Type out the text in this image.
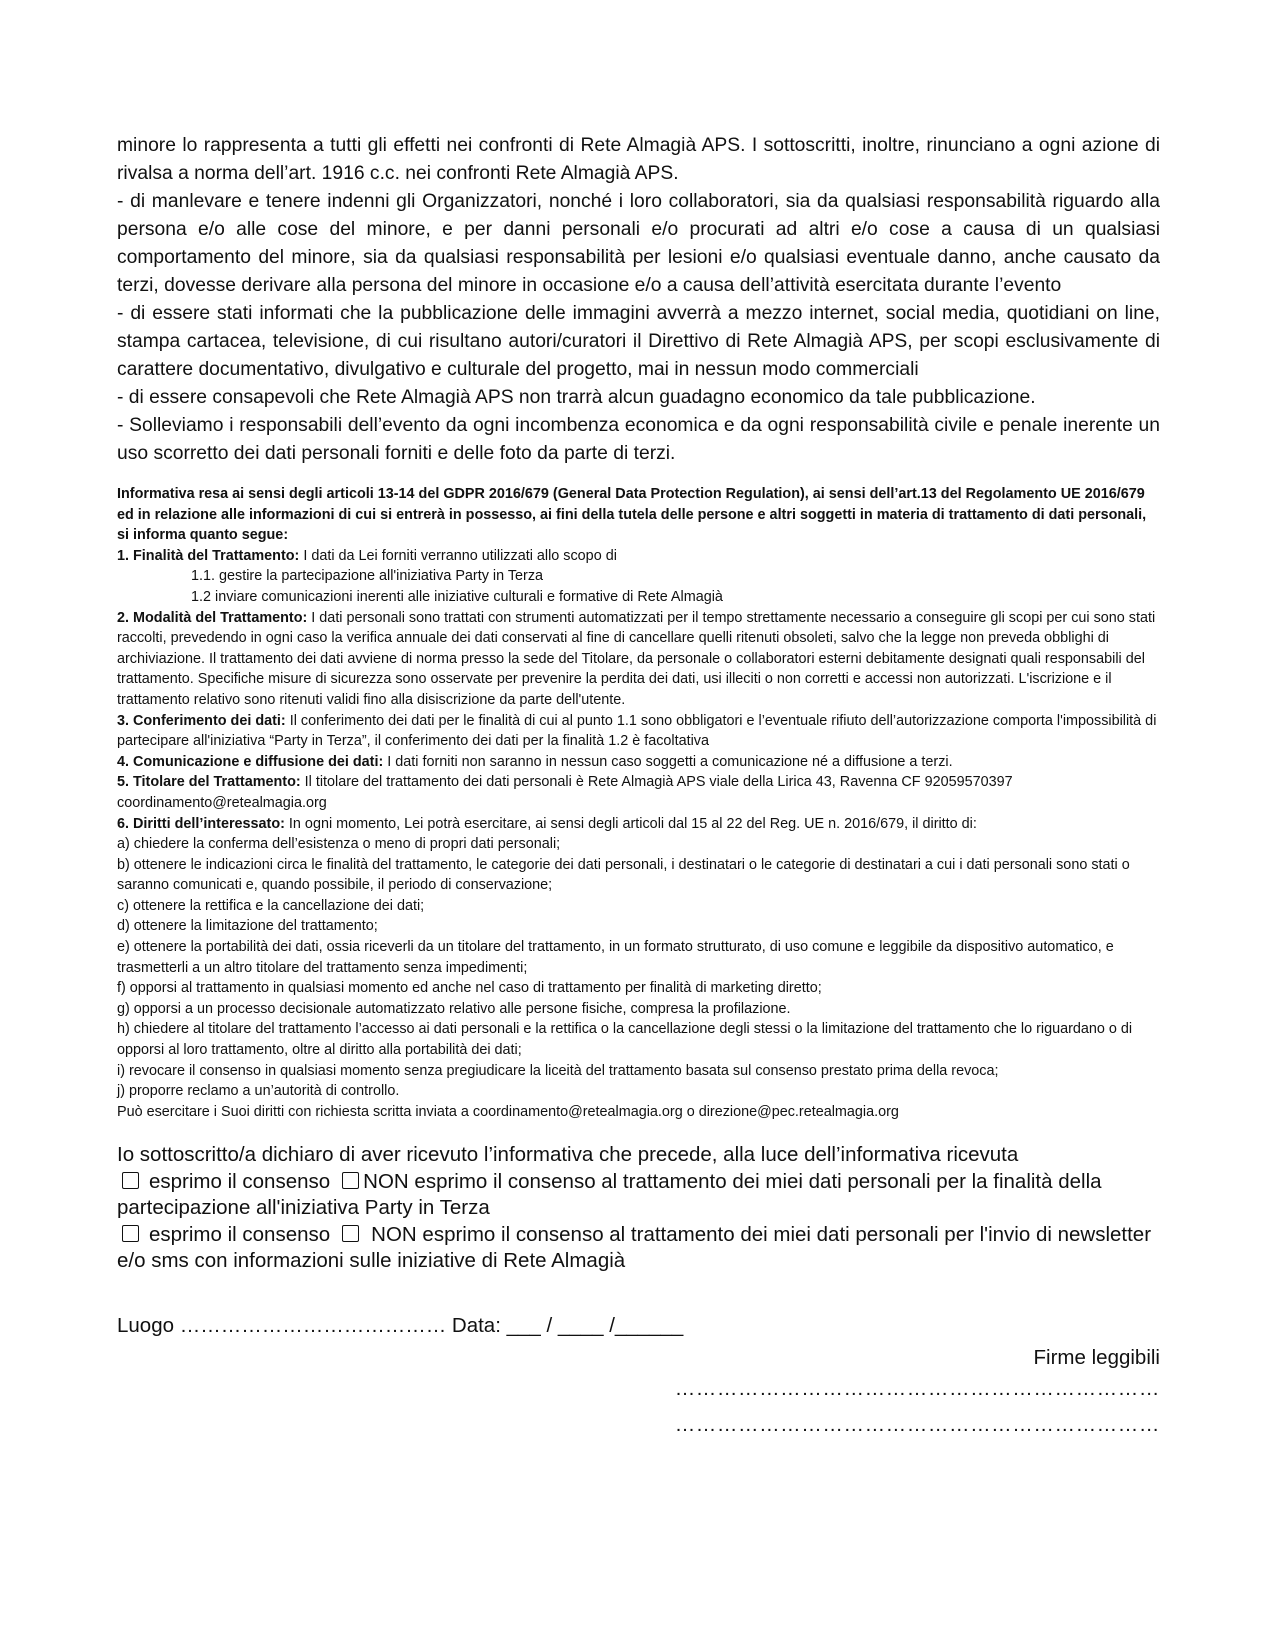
minore lo rappresenta a tutti gli effetti nei confronti di Rete Almagià APS. I sottoscritti, inoltre, rinunciano a ogni azione di rivalsa a norma dell’art. 1916 c.c. nei confronti Rete Almagià APS.

- di manlevare e tenere indenni gli Organizzatori, nonché i loro collaboratori, sia da qualsiasi responsabilità riguardo alla persona e/o alle cose del minore, e per danni personali e/o procurati ad altri e/o cose a causa di un qualsiasi comportamento del minore, sia da qualsiasi responsabilità per lesioni e/o qualsiasi eventuale danno, anche causato da terzi, dovesse derivare alla persona del minore in occasione e/o a causa dell’attività esercitata durante l’evento

- di essere stati informati che la pubblicazione delle immagini avverrà a mezzo internet, social media, quotidiani on line, stampa cartacea, televisione, di cui risultano autori/curatori il Direttivo di Rete Almagià APS, per scopi esclusivamente di carattere documentativo, divulgativo e culturale del progetto, mai in nessun modo commerciali

- di essere consapevoli che Rete Almagià APS non trarrà alcun guadagno economico da tale pubblicazione.

- Solleviamo i responsabili dell’evento da ogni incombenza economica e da ogni responsabilità civile e penale inerente un uso scorretto dei dati personali forniti e delle foto da parte di terzi.

Informativa resa ai sensi degli articoli 13-14 del GDPR 2016/679 (General Data Protection Regulation), ai sensi dell’art.13 del Regolamento UE 2016/679 ed in relazione alle informazioni di cui si entrerà in possesso, ai fini della tutela delle persone e altri soggetti in materia di trattamento di dati personali, si informa quanto segue:

1. Finalità del Trattamento: I dati da Lei forniti verranno utilizzati allo scopo di

1.1. gestire la partecipazione all'iniziativa Party in Terza

1.2 inviare comunicazioni inerenti alle iniziative culturali e formative di Rete Almagià

2. Modalità del Trattamento: I dati personali sono trattati con strumenti automatizzati per il tempo strettamente necessario a conseguire gli scopi per cui sono stati raccolti, prevedendo in ogni caso la verifica annuale dei dati conservati al fine di cancellare quelli ritenuti obsoleti, salvo che la legge non preveda obblighi di archiviazione. Il trattamento dei dati avviene di norma presso la sede del Titolare, da personale o collaboratori esterni debitamente designati quali responsabili del trattamento. Specifiche misure di sicurezza sono osservate per prevenire la perdita dei dati, usi illeciti o non corretti e accessi non autorizzati. L'iscrizione e il trattamento relativo sono ritenuti validi fino alla disiscrizione da parte dell'utente.

3. Conferimento dei dati: Il conferimento dei dati per le finalità di cui al punto 1.1 sono obbligatori e l’eventuale rifiuto dell’autorizzazione comporta l'impossibilità di partecipare all'iniziativa “Party in Terza”, il conferimento dei dati per la finalità 1.2 è facoltativa

4. Comunicazione e diffusione dei dati: I dati forniti non saranno in nessun caso soggetti a comunicazione né a diffusione a terzi.

5. Titolare del Trattamento: Il titolare del trattamento dei dati personali è Rete Almagià APS viale della Lirica 43, Ravenna CF 92059570397 coordinamento@retealmagia.org

6. Diritti dell’interessato: In ogni momento, Lei potrà esercitare, ai sensi degli articoli dal 15 al 22 del Reg. UE n. 2016/679, il diritto di:

a) chiedere la conferma dell’esistenza o meno di propri dati personali;

b) ottenere le indicazioni circa le finalità del trattamento, le categorie dei dati personali, i destinatari o le categorie di destinatari a cui i dati personali sono stati o saranno comunicati e, quando possibile, il periodo di conservazione;

c) ottenere la rettifica e la cancellazione dei dati;

d) ottenere la limitazione del trattamento;

e) ottenere la portabilità dei dati, ossia riceverli da un titolare del trattamento, in un formato strutturato, di uso comune e leggibile da dispositivo automatico, e trasmetterli a un altro titolare del trattamento senza impedimenti;

f) opporsi al trattamento in qualsiasi momento ed anche nel caso di trattamento per finalità di marketing diretto;

g) opporsi a un processo decisionale automatizzato relativo alle persone fisiche, compresa la profilazione.

h) chiedere al titolare del trattamento l’accesso ai dati personali e la rettifica o la cancellazione degli stessi o la limitazione del trattamento che lo riguardano o di opporsi al loro trattamento, oltre al diritto alla portabilità dei dati;

i) revocare il consenso in qualsiasi momento senza pregiudicare la liceità del trattamento basata sul consenso prestato prima della revoca;

j) proporre reclamo a un’autorità di controllo.

Può esercitare i Suoi diritti con richiesta scritta inviata a coordinamento@retealmagia.org o direzione@pec.retealmagia.org

Io sottoscritto/a dichiaro di aver ricevuto l’informativa che precede, alla luce dell’informativa ricevuta

esprimo il consenso NON esprimo il consenso al trattamento dei miei dati personali per la finalità della partecipazione all'iniziativa Party in Terza

esprimo il consenso NON esprimo il consenso al trattamento dei miei dati personali per l'invio di newsletter e/o sms con informazioni sulle iniziative di Rete Almagià

Luogo ………………………………… Data: ___ / ____ /______
Firme leggibili
……………………………………………………………
……………………………………………………………
